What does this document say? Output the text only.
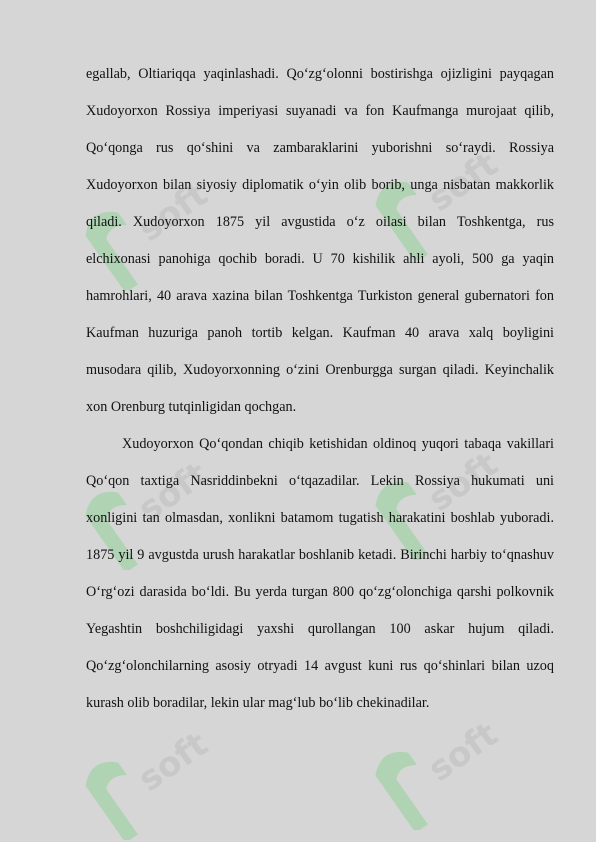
soft	soft
soft	soft
soft	soft

egallab, Oltiariqqa yaqinlashadi. Qo‘zg‘olonni bostirishga ojizligini payqagan Xudoyorxon Rossiya imperiyasi suyanadi va fon Kaufmanga murojaat qilib, Qo‘qonga rus qo‘shini va zambaraklarini yuborishni so‘raydi. Rossiya Xudoyorxon bilan siyosiy diplomatik o‘yin olib borib, unga nisbatan makkorlik qiladi. Xudoyorxon 1875 yil avgustida o‘z oilasi bilan Toshkentga, rus elchixonasi panohiga qochib boradi. U 70 kishilik ahli ayoli, 500 ga yaqin hamrohlari, 40 arava xazina bilan Toshkentga Turkiston general gubernatori fon Kaufman huzuriga panoh tortib kelgan. Kaufman 40 arava xalq boyligini musodara qilib, Xudoyorxonning o‘zini Orenburgga surgan qiladi. Keyinchalik xon Orenburg tutqinligidan qochgan.

Xudoyorxon Qo‘qondan chiqib ketishidan oldinoq yuqori tabaqa vakillari Qo‘qon taxtiga Nasriddinbekni o‘tqazadilar. Lekin Rossiya hukumati uni xonligini tan olmasdan, xonlikni batamom tugatish harakatini boshlab yuboradi. 1875 yil 9 avgustda urush harakatlar boshlanib ketadi. Birinchi harbiy to‘qnashuv O‘rg‘ozi darasida bo‘ldi. Bu yerda turgan 800 qo‘zg‘olonchiga qarshi polkovnik Yegashtin boshchiligidagi yaxshi qurollangan 100 askar hujum qiladi. Qo‘zg‘olonchilarning asosiy otryadi 14 avgust kuni rus qo‘shinlari bilan uzoq kurash olib boradilar, lekin ular mag‘lub bo‘lib chekinadilar.
